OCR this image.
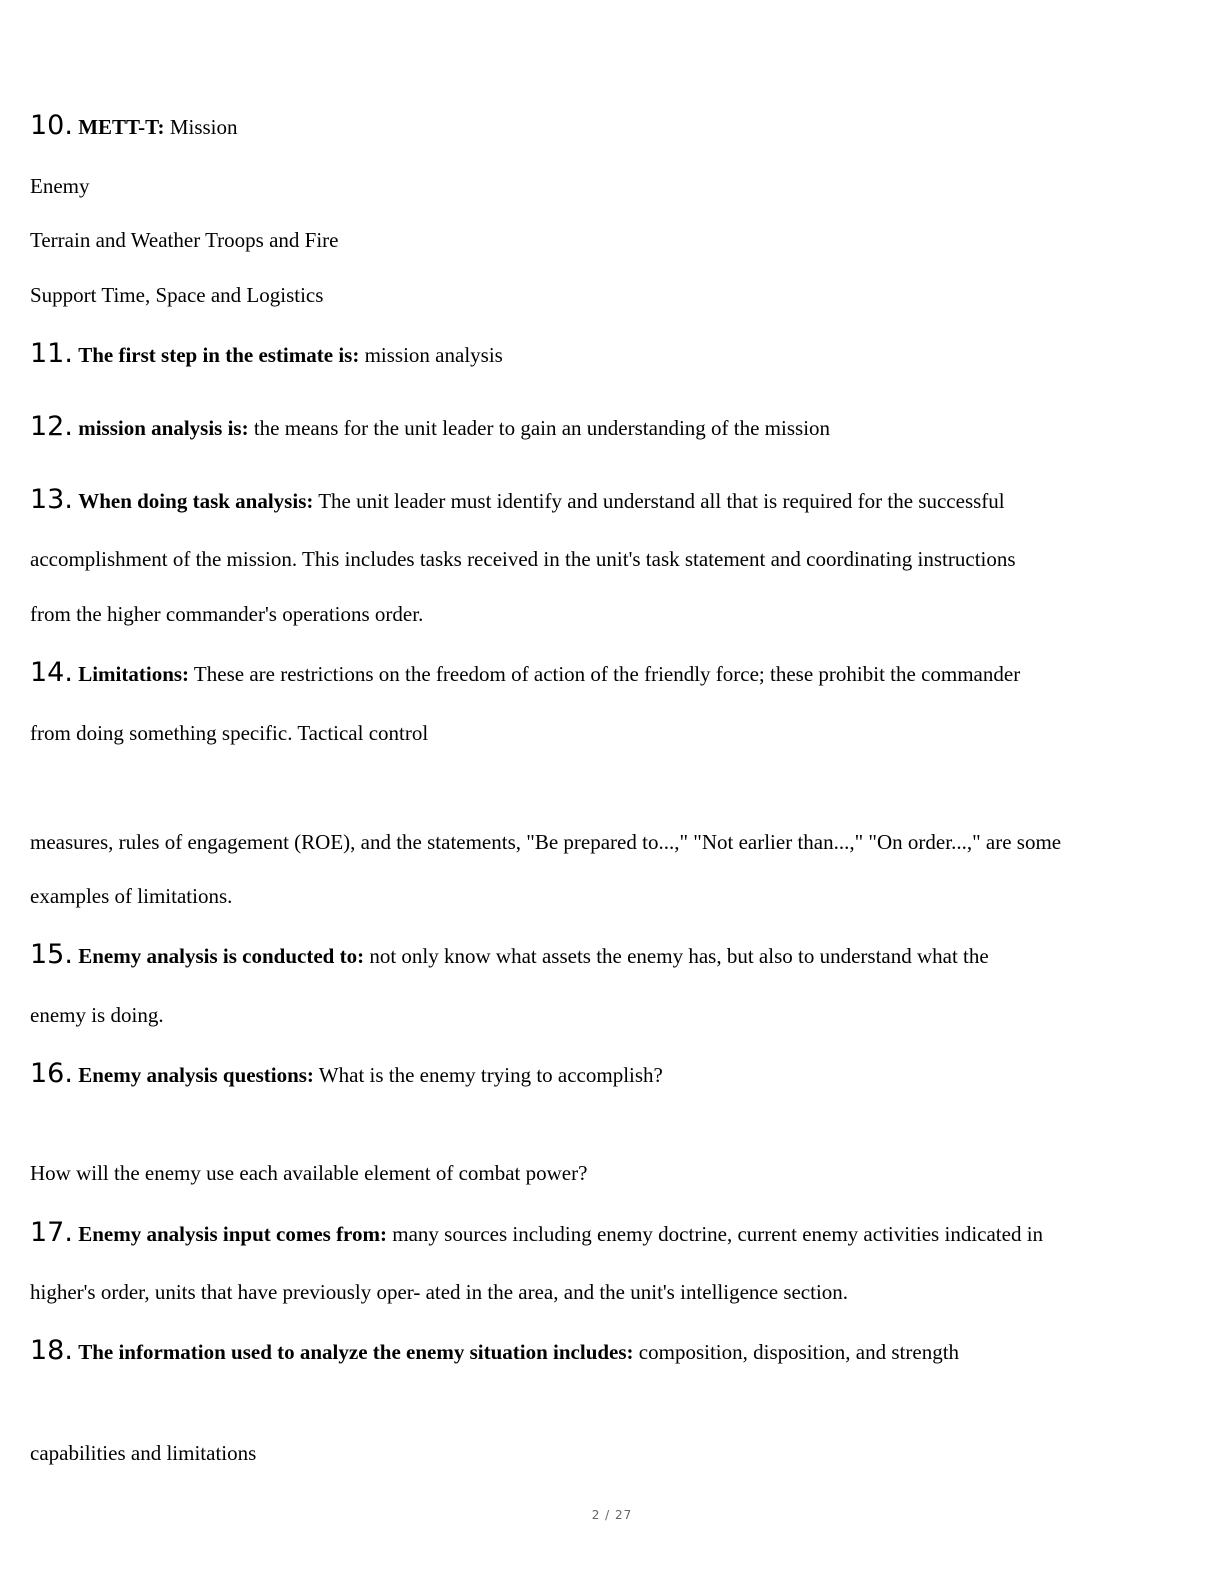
10. METT-T: Mission
Enemy
Terrain and Weather Troops and Fire
Support Time, Space and Logistics
11. The first step in the estimate is: mission analysis
12. mission analysis is: the means for the unit leader to gain an understanding of the mission
13. When doing task analysis: The unit leader must identify and understand all that is required for the successful
accomplishment of the mission. This includes tasks received in the unit's task statement and coordinating instructions
from the higher commander's operations order.
14. Limitations: These are restrictions on the freedom of action of the friendly force; these prohibit the commander
from doing something specific. Tactical control
measures, rules of engagement (ROE), and the statements, "Be prepared to...," "Not earlier than...," "On order...," are some
examples of limitations.
15. Enemy analysis is conducted to: not only know what assets the enemy has, but also to understand what the
enemy is doing.
16. Enemy analysis questions: What is the enemy trying to accomplish?
How will the enemy use each available element of combat power?
17. Enemy analysis input comes from: many sources including enemy doctrine, current enemy activities indicated in
higher's order, units that have previously oper- ated in the area, and the unit's intelligence section.
18. The information used to analyze the enemy situation includes: composition, disposition, and strength
capabilities and limitations
2 / 27
